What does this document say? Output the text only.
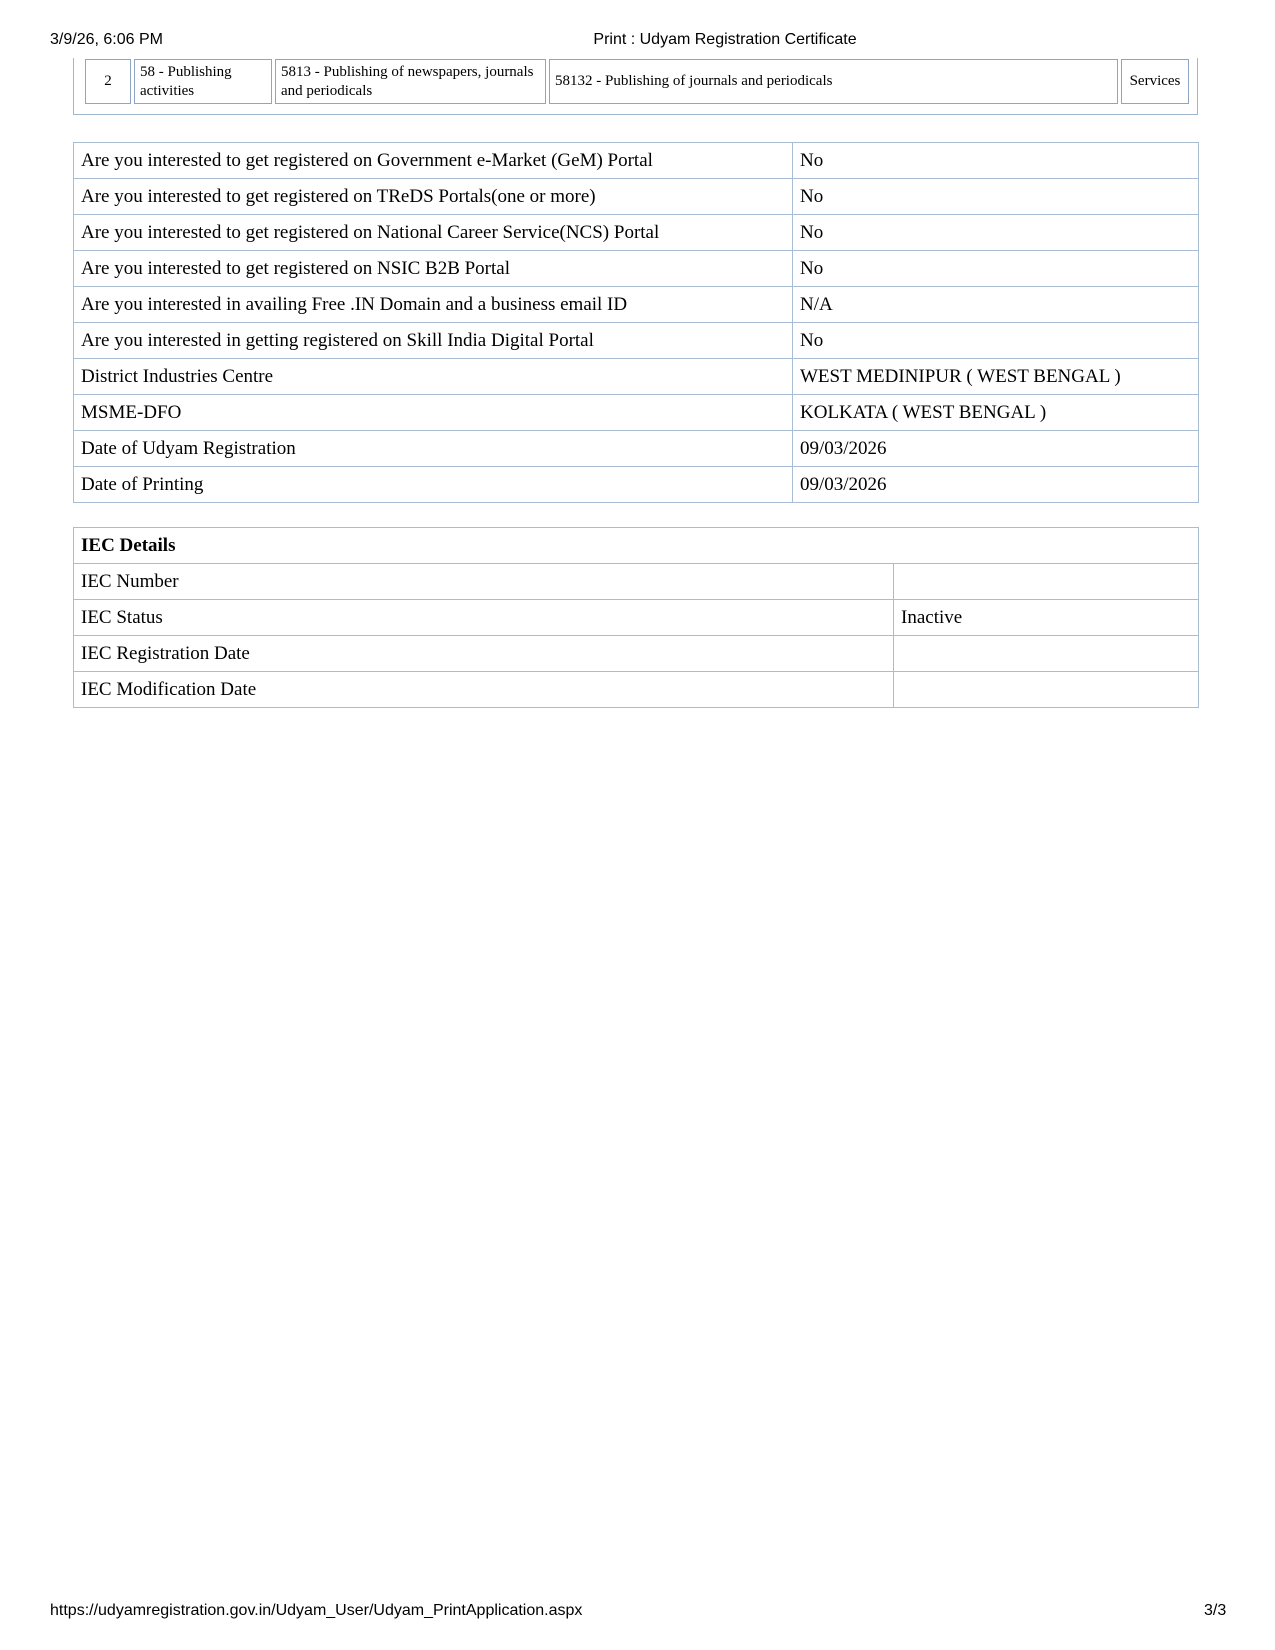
3/9/26, 6:06 PM	Print : Udyam Registration Certificate
2	58 - Publishing activities	5813 - Publishing of newspapers, journals and periodicals	58132 - Publishing of journals and periodicals	Services
Are you interested to get registered on Government e-Market (GeM) Portal	No
Are you interested to get registered on TReDS Portals(one or more)	No
Are you interested to get registered on National Career Service(NCS) Portal	No
Are you interested to get registered on NSIC B2B Portal	No
Are you interested in availing Free .IN Domain and a business email ID	N/A
Are you interested in getting registered on Skill India Digital Portal	No
District Industries Centre	WEST MEDINIPUR ( WEST BENGAL )
MSME-DFO	KOLKATA ( WEST BENGAL )
Date of Udyam Registration	09/03/2026
Date of Printing	09/03/2026
IEC Details	
IEC Number	
IEC Status	Inactive
IEC Registration Date	
IEC Modification Date	
https://udyamregistration.gov.in/Udyam_User/Udyam_PrintApplication.aspx	3/3
